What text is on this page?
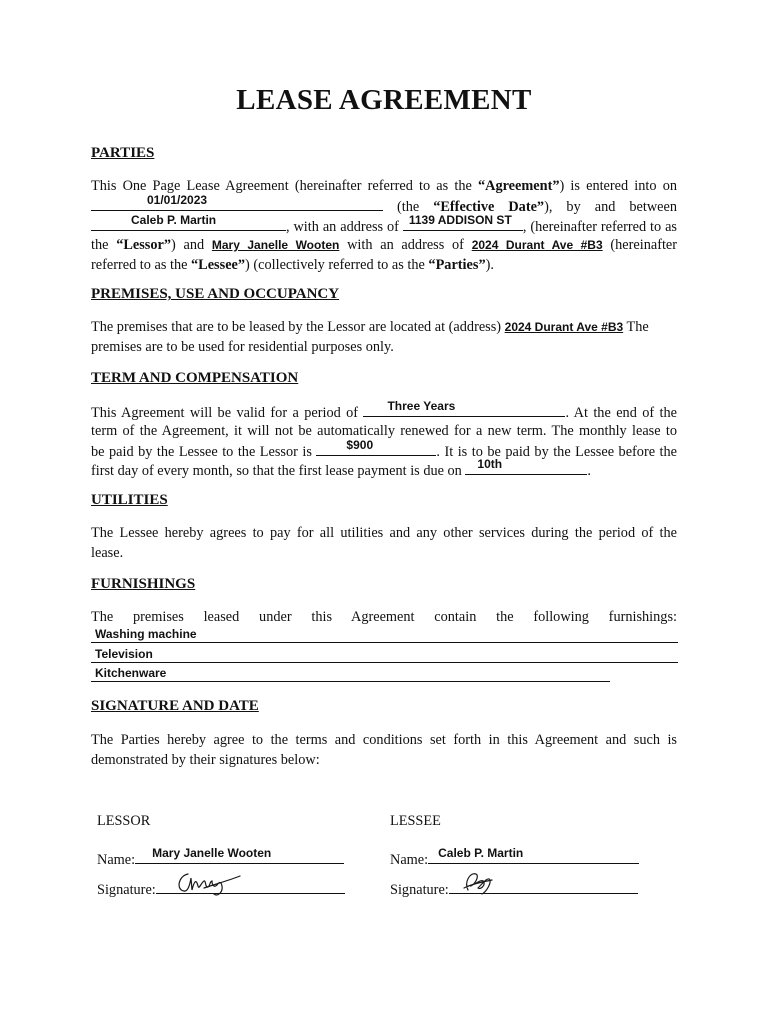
LEASE AGREEMENT
PARTIES
This One Page Lease Agreement (hereinafter referred to as the “Agreement”) is entered into on
01/01/2023	(the “Effective Date”), by and between
Caleb P. Martin	, with an address of 1139 ADDISON ST , (hereinafter referred to as
the “Lessor”) and Mary Janelle Wooten with an address of 2024 Durant Ave #B3 (hereinafter
referred to as the “Lessee”) (collectively referred to as the “Parties”).
PREMISES, USE AND OCCUPANCY
The premises that are to be leased by the Lessor are located at (address) 2024 Durant Ave #B3 The
premises are to be used for residential purposes only.
TERM AND COMPENSATION
This Agreement will be valid for a period of Three Years	. At the end of the
term of the Agreement, it will not be automatically renewed for a new term. The monthly lease to
be paid by the Lessee to the Lessor is	$900	. It is to be paid by the Lessee before the
first day of every month, so that the first lease payment is due on 10th	.
UTILITIES
The Lessee hereby agrees to pay for all utilities and any other services during the period of the
lease.
FURNISHINGS
The premises leased under this Agreement contain the following furnishings:
Washing machine
Television
Kitchenware
SIGNATURE AND DATE
The Parties hereby agree to the terms and conditions set forth in this Agreement and such is
demonstrated by their signatures below:
LESSOR
Name: Mary Janelle Wooten
Signature:
LESSEE
Name: Caleb P. Martin
Signature:
